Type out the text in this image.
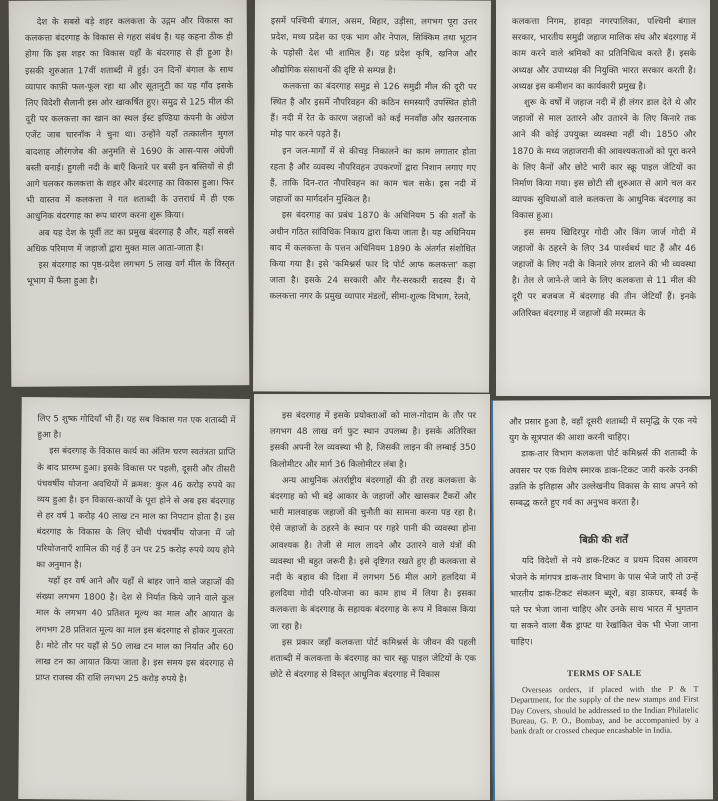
देश के सबसे बड़े शहर कलकत्ता के उद्गम और विकास का कलकत्ता बंदरगाह के विकास से गहरा संबंध है। यह कहना ठीक ही होगा कि इस शहर का विकास यहाँ के बंदरगाह से ही हुआ है। इसकी शुरुआत 17वीं शताब्दी में हुई। उन दिनों बंगाल के साथ व्यापार काफ़ी फल-फूल रहा था और सूतानुटी का यह गाँव इसके लिए विदेशी सैलानी इस ओर खाकर्षित हुए। समुद्र से 125 मील की दूरी पर कलकत्ता का खान का स्थल ईस्ट इण्डिया कंपनी के अंग्रेज एजेंट जाब चारनॉक ने चुना था। उन्होंने यहाँ तत्कालीन मुगल बादशाह औरंगजेब की अनुमति से 1690 के आस-पास अंग्रेजी बस्ती बनाई। हुगली नदी के बाएँ किनारे पर बसी इन बस्तियों से ही आगे चलकर कलकत्ता के शहर और बंदरगाह का विकास हुआ। फिर भी वास्तव में कलकत्ता ने गत शताब्दी के उत्तरार्ध में ही एक आधुनिक बंदरगाह का रूप धारण करना शुरू किया।

अब यह देश के पूर्वी तट का प्रमुख बंदरगाह है और, यहाँ सबसे अधिक परिमाण में जहाजों द्वारा मुक्त माल आता-जाता है।

इस बंदरगाह का पृष्ठ-प्रदेश लगभग 5 लाख वर्ग मील के विस्तृत भूभाग में फैला हुआ है।

इसमें पश्चिमी बंगाल, असम, बिहार, उड़ीसा, लगभग पूरा उत्तर प्रदेश, मध्य प्रदेश का एक भाग और नेपाल, सिक्किम तथा भूटान के पड़ोसी देश भी शामिल हैं। यह प्रदेश कृषि, खनिज और औद्योगिक संसाधनों की दृष्टि से सम्पन्न है।

कलकत्ता का बंदरगाह समुद्र से 126 समुद्री मील की दूरी पर स्थित है और इसमें नौपरिवहन की कठिन समस्याएँ उपस्थित होती हैं। नदी में रेत के कारण जहाजों को कई मनवाँछ और खतरनाक मोड़ पार करने पड़ते हैं।

इन जल-मार्गों में से कीचड़ निकालने का काम लगातार होता रहता है और व्यवस्थ नौपरिवहन उपकरणों द्वारा निशान लगाए गए हैं, ताकि दिन-रात नौपरिवहन का काम चल सके। इस नदी में जहाजों का मार्गदर्शन मुश्किल है।

इस बंदरगाह का प्रबंध 1870 के अधिनियम 5 की शर्तों के अधीन गठित सांविधिक निकाय द्वारा किया जाता है। यह अधिनियम बाद में कलकत्ता के पत्तन अधिनियम 1890 के अंतर्गत संशोधित किया गया है। इसे 'कमिश्नर्स फार दि पोर्ट आफ कलकत्ता' कहा जाता है। इसके 24 सरकारी और गैर-सरकारी सदस्य हैं। ये कलकत्ता नगर के प्रमुख व्यापार मंडलों, सीमा-शुल्क विभाग, रेलवे,

कलकत्ता निगम, हावड़ा नगरपालिका, पश्चिमी बंगाल सरकार, भारतीय समुद्री जहाज मालिक संघ और बंदरगाह में काम करने वाले श्रमिकों का प्रतिनिधित्व करते हैं। इसके अध्यक्ष और उपाध्यक्ष की नियुक्ति भारत सरकार करती है। अध्यक्ष इस कमीशन का कार्यकारी प्रमुख है।

शुरू के वर्षों में जहाज नदी में ही लंगर डाल देते थे और जहाजों से माल उतारने और उतारने के लिए किनारे तक आने की कोई उपयुक्त व्यवस्था नहीं थी। 1850 और 1870 के मध्य जहाजरानी की आवश्यकताओं को पूरा करने के लिए कैनों और छोटे भारी कार स्क्रू पाइल जेटियों का निर्माण किया गया। इस छोटी सी शुरुआत से आगे चल कर व्यापक सुविधाओं वाले कलकत्ता के आधुनिक बंदरगाह का विकास हुआ।

इस समय खिदिरपुर गोदी और किंग जार्ज गोदी में जहाजों के ठहरने के लिए 34 पार्श्वबर्थ घाट हैं और 46 जहाजों के लिए नदी के किनारे लंगर डालने की भी व्यवस्था है। तेल ले जाने-ले जाने के लिए कलकत्ता से 11 मील की दूरी पर बजबज में बंदरगाह की तीन जेटियाँ हैं। इनके अतिरिक्त बंदरगाह में जहाजों की मरम्मत के

लिए 5 शुष्क गोदियाँ भी हैं। यह सब विकास गत एक शताब्दी में हुआ है।

इस बंदरगाह के विकास कार्य का अंतिम चरण स्वतंत्रता प्राप्ति के बाद प्रारम्भ हुआ। इसके विकास पर पहली, दूसरी और तीसरी पंचवर्षीय योजना अवधियों में क्रमश: कुल 46 करोड़ रुपये का व्यय हुआ है। इन विकास-कार्यों के पूरा होने से अब इस बंदरगाह से हर वर्ष 1 करोड़ 40 लाख टन माल का निपटान होता है। इस बंदरगाह के विकास के लिए चौथी पंचवर्षीय योजना में जो परियोजनाएँ शामिल की गई हैं उन पर 25 करोड़ रुपये व्यय होने का अनुमान है।

यहाँ हर वर्ष आने और यहाँ से बाहर जाने वाले जहाजों की संख्या लगभग 1800 है। देश से निर्यात किये जाने वाले कुल माल के लगभग 40 प्रतिशत मूल्य का माल और आयात के लगभग 28 प्रतिशत मूल्य का माल इस बंदरगाह से होकर गुजरता है। मोटे तौर पर यहाँ से 50 लाख टन माल का निर्यात और 60 लाख टन का आयात किया जाता है। इस समय इस बंदरगाह से प्राप्त राजस्व की राशि लगभग 25 करोड़ रुपये है।

इस बंदरगाह में इसके प्रयोक्ताओं को माल-गोदाम के तौर पर लगभग 48 लाख वर्ग फुट स्थान उपलब्ध है। इसके अतिरिक्त इसकी अपनी रेल व्यवस्था भी है, जिसकी लाइन की लम्बाई 350 किलोमीटर और मार्ग 36 किलोमीटर लंबा है।

अन्य आधुनिक अंतर्राष्ट्रीय बंदरगाहों की ही तरह कलकत्ता के बंदरगाह को भी बड़े आकार के जहाजों और खासकर टैंकरों और भारी मालवाहक जहाजों की चुनौती का सामना करना पड़ रहा है। ऐसे जहाजों के ठहरने के स्थान पर गहरे पानी की व्यवस्था होना आवश्यक है। तेजी से माल लादने और उतारने वाले यंत्रों की व्यवस्था भी बहुत जरूरी है। इसे दृष्टिगत रखते हुए ही कलकत्ता से नदी के बहाव की दिशा में लगभग 56 मील आगे हलदिया में हलदिया गोदी परि-योजना का काम हाथ में लिया है। इसका कलकत्ता के बंदरगाह के सहायक बंदरगाह के रूप में विकास किया जा रहा है।

इस प्रकार जहाँ कलकत्ता पोर्ट कमिश्नर्स के जीवन की पहली शताब्दी में कलकत्ता के बंदरगाह का चार स्क्रू पाइल जेटियों के एक छोटे से बंदरगाह से विस्तृत आधुनिक बंदरगाह में विकास

और प्रसार हुआ है, वहाँ दूसरी शताब्दी में समृद्धि के एक नये युग के सूत्रपात की आशा करनी चाहिए।

डाक-तार विभाग कलकत्ता पोर्ट कमिश्नर्स की शताब्दी के अवसर पर एक विशेष स्मारक डाक-टिकट जारी करके उनकी उन्नति के इतिहास और उल्लेखनीय विकास के साथ अपने को सम्बद्ध करते हुए गर्व का अनुभव करता है।

बिक्री की शर्तें

यदि विदेशों से नये डाक-टिकट व प्रथम दिवस आवरण भेजने के मांगपत्र डाक-तार विभाग के पास भेजे जाएँ तो उन्हें भारतीय डाक-टिकट संकलन ब्यूरो, बड़ा डाकघर, बम्बई के पते पर भेजा जाना चाहिए और उनके साथ भारत में भुगतान या सकने वाला बैंक ड्राफ्ट या रेखांकित चेक भी भेजा जाना चाहिए।

TERMS OF SALE

Overseas orders, if placed with the P & T Department, for the supply of the new stamps and First Day Covers, should be addressed to the Indian Philatelic Bureau, G. P. O., Bombay, and be accompanied by a bank draft or crossed cheque encashable in India.
